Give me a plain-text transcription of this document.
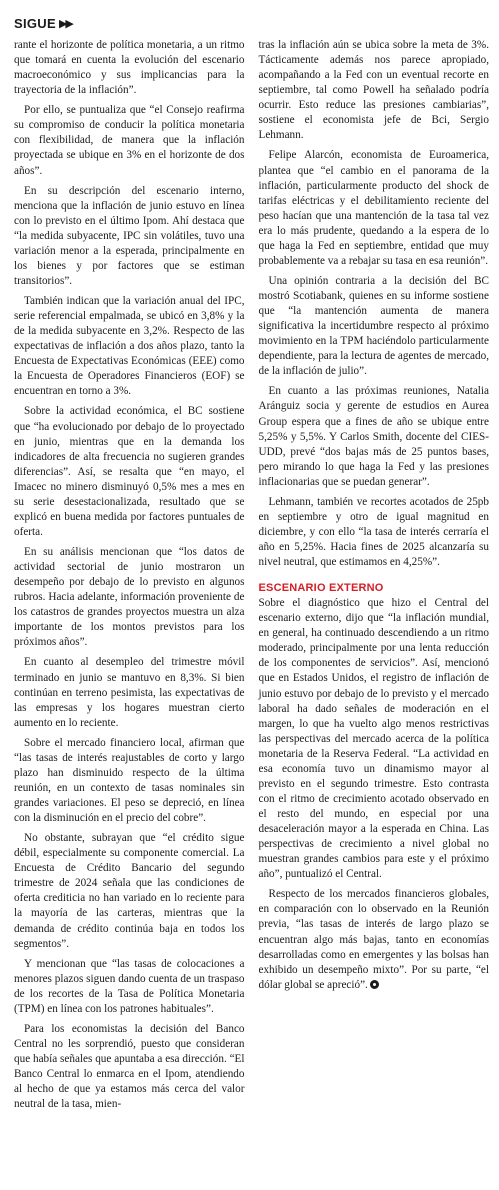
SIGUE ▶▶

rante el horizonte de política monetaria, a un ritmo que tomará en cuenta la evolución del escenario macroeconómico y sus implicancias para la trayectoria de la inflación”.

Por ello, se puntualiza que “el Consejo reafirma su compromiso de conducir la política monetaria con flexibilidad, de manera que la inflación proyectada se ubique en 3% en el horizonte de dos años”.

En su descripción del escenario interno, menciona que la inflación de junio estuvo en línea con lo previsto en el último Ipom. Ahí destaca que “la medida subyacente, IPC sin volátiles, tuvo una variación menor a la esperada, principalmente en los bienes y por factores que se estiman transitorios”.

También indican que la variación anual del IPC, serie referencial empalmada, se ubicó en 3,8% y la de la medida subyacente en 3,2%. Respecto de las expectativas de inflación a dos años plazo, tanto la Encuesta de Expectativas Económicas (EEE) como la Encuesta de Operadores Financieros (EOF) se encuentran en torno a 3%.

Sobre la actividad económica, el BC sostiene que “ha evolucionado por debajo de lo proyectado en junio, mientras que en la demanda los indicadores de alta frecuencia no sugieren grandes diferencias”. Así, se resalta que “en mayo, el Imacec no minero disminuyó 0,5% mes a mes en su serie desestacionalizada, resultado que se explicó en buena medida por factores puntuales de oferta.

En su análisis mencionan que “los datos de actividad sectorial de junio mostraron un desempeño por debajo de lo previsto en algunos rubros. Hacia adelante, información proveniente de los catastros de grandes proyectos muestra un alza importante de los montos previstos para los próximos años”.

En cuanto al desempleo del trimestre móvil terminado en junio se mantuvo en 8,3%. Si bien continúan en terreno pesimista, las expectativas de las empresas y los hogares muestran cierto aumento en lo reciente.

Sobre el mercado financiero local, afirman que “las tasas de interés reajustables de corto y largo plazo han disminuido respecto de la última reunión, en un contexto de tasas nominales sin grandes variaciones. El peso se depreció, en línea con la disminución en el precio del cobre”.

No obstante, subrayan que “el crédito sigue débil, especialmente su componente comercial. La Encuesta de Crédito Bancario del segundo trimestre de 2024 señala que las condiciones de oferta crediticia no han variado en lo reciente para la mayoría de las carteras, mientras que la demanda de crédito continúa baja en todos los segmentos”.

Y mencionan que “las tasas de colocaciones a menores plazos siguen dando cuenta de un traspaso de los recortes de la Tasa de Política Monetaria (TPM) en línea con los patrones habituales”.

Para los economistas la decisión del Banco Central no les sorprendió, puesto que consideran que había señales que apuntaba a esa dirección. “El Banco Central lo enmarca en el Ipom, atendiendo al hecho de que ya estamos más cerca del valor neutral de la tasa, mien-

tras la inflación aún se ubica sobre la meta de 3%. Tácticamente además nos parece apropiado, acompañando a la Fed con un eventual recorte en septiembre, tal como Powell ha señalado podría ocurrir. Esto reduce las presiones cambiarias”, sostiene el economista jefe de Bci, Sergio Lehmann.

Felipe Alarcón, economista de Euroamerica, plantea que “el cambio en el panorama de la inflación, particularmente producto del shock de tarifas eléctricas y el debilitamiento reciente del peso hacían que una mantención de la tasa tal vez era lo más prudente, quedando a la espera de lo que haga la Fed en septiembre, entidad que muy probablemente va a rebajar su tasa en esa reunión”.

Una opinión contraria a la decisión del BC mostró Scotiabank, quienes en su informe sostiene que “la mantención aumenta de manera significativa la incertidumbre respecto al próximo movimiento en la TPM haciéndolo particularmente dependiente, para la lectura de agentes de mercado, de la inflación de julio”.

En cuanto a las próximas reuniones, Natalia Aránguiz socia y gerente de estudios en Aurea Group espera que a fines de año se ubique entre 5,25% y 5,5%. Y Carlos Smith, docente del CIES-UDD, prevé “dos bajas más de 25 puntos bases, pero mirando lo que haga la Fed y las presiones inflacionarias que se puedan generar”.

Lehmann, también ve recortes acotados de 25pb en septiembre y otro de igual magnitud en diciembre, y con ello “la tasa de interés cerraría el año en 5,25%. Hacia fines de 2025 alcanzaría su nivel neutral, que estimamos en 4,25%”.

ESCENARIO EXTERNO

Sobre el diagnóstico que hizo el Central del escenario externo, dijo que “la inflación mundial, en general, ha continuado descendiendo a un ritmo moderado, principalmente por una lenta reducción de los componentes de servicios”. Así, mencionó que en Estados Unidos, el registro de inflación de junio estuvo por debajo de lo previsto y el mercado laboral ha dado señales de moderación en el margen, lo que ha vuelto algo menos restrictivas las perspectivas del mercado acerca de la política monetaria de la Reserva Federal. “La actividad en esa economía tuvo un dinamismo mayor al previsto en el segundo trimestre. Esto contrasta con el ritmo de crecimiento acotado observado en el resto del mundo, en especial por una desaceleración mayor a la esperada en China. Las perspectivas de crecimiento a nivel global no muestran grandes cambios para este y el próximo año”, puntualizó el Central.

Respecto de los mercados financieros globales, en comparación con lo observado en la Reunión previa, “las tasas de interés de largo plazo se encuentran algo más bajas, tanto en economías desarrolladas como en emergentes y las bolsas han exhibido un desempeño mixto”. Por su parte, “el dólar global se apreció”.
